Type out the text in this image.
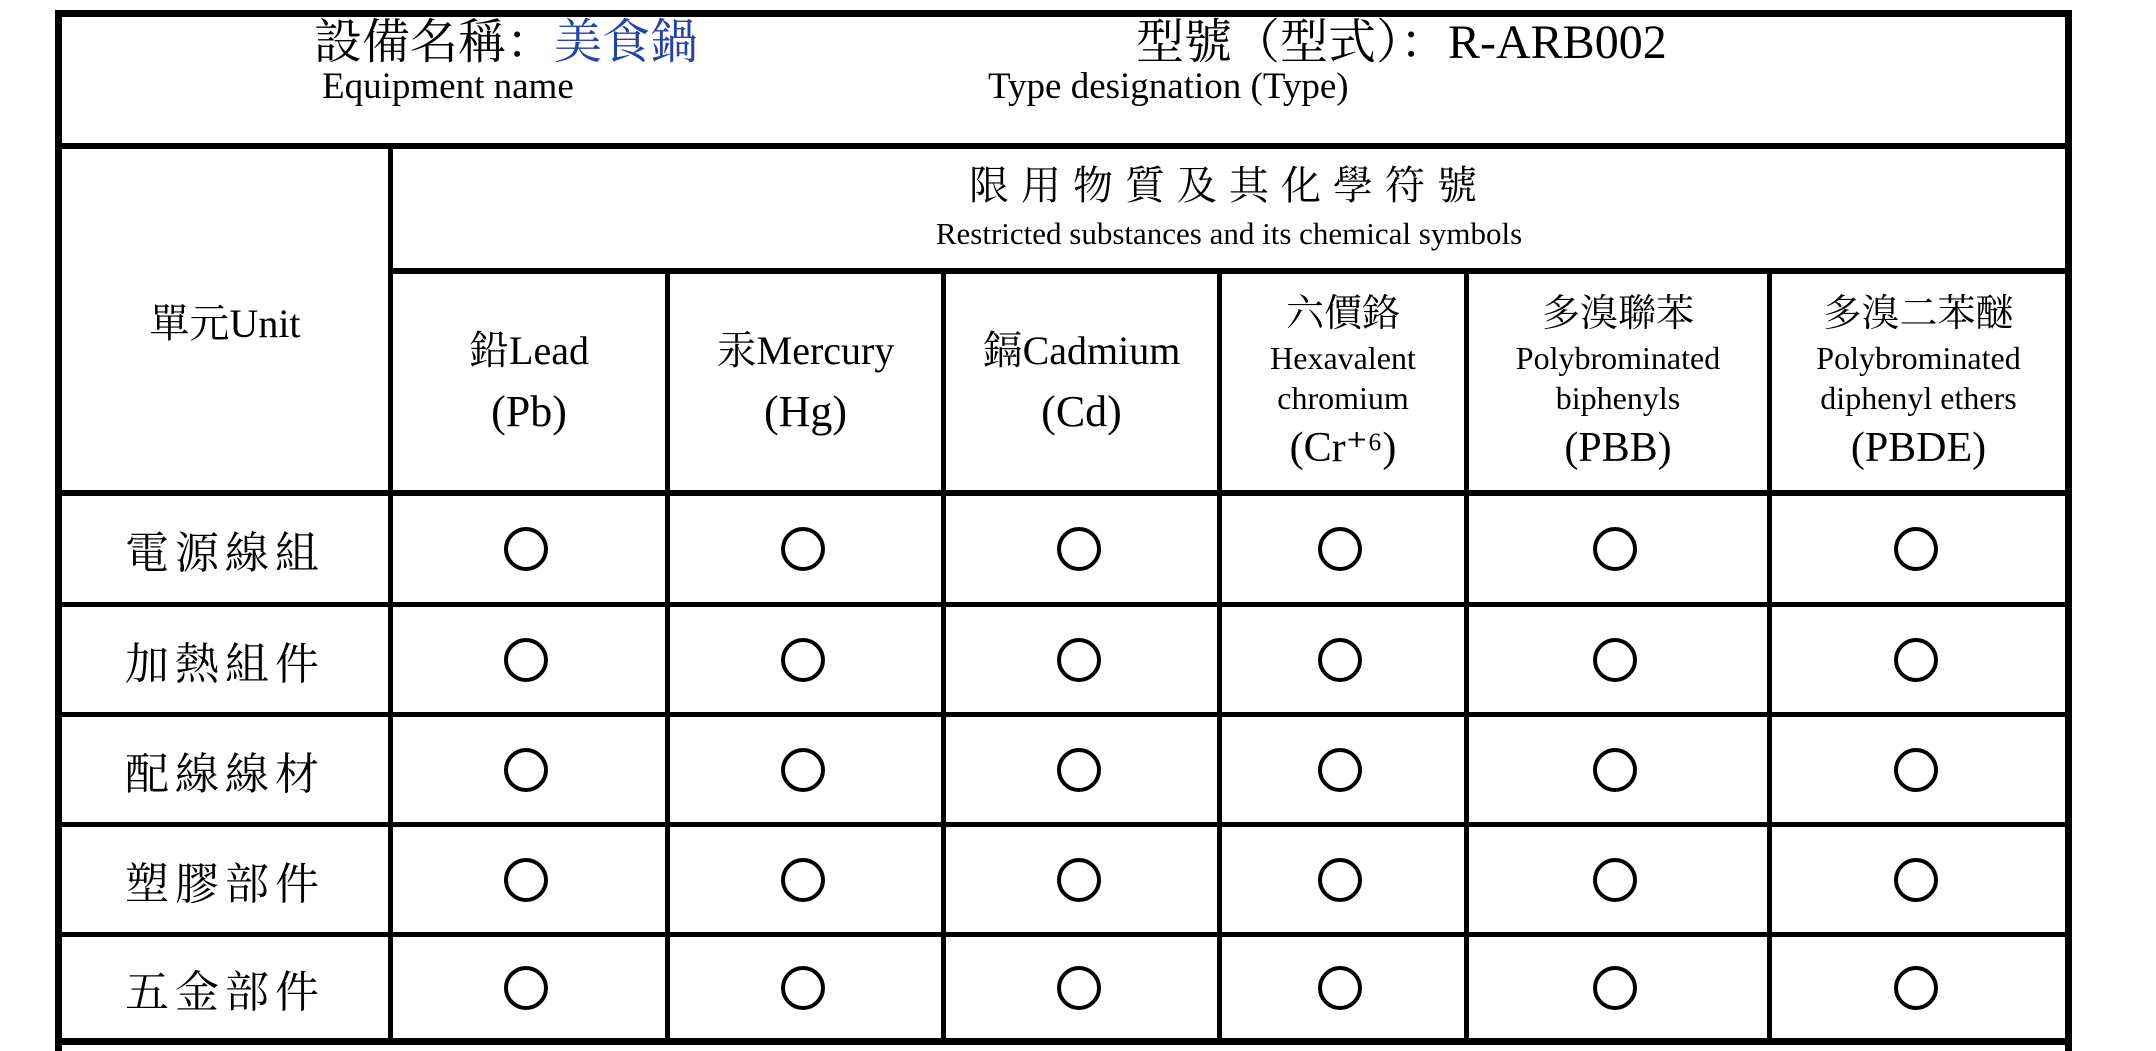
設備名稱：美食鍋
Equipment name
型號（型式）：R-ARB002
Type designation (Type)
限用物質及其化學符號
Restricted substances and its chemical symbols
單元Unit
鉛Lead
(Pb)
汞Mercury
(Hg)
鎘Cadmium
(Cd)
六價鉻
Hexavalent
chromium
(Cr⁺⁶)
多溴聯苯
Polybrominated
biphenyls
(PBB)
多溴二苯醚
Polybrominated
diphenyl ethers
(PBDE)
電源線組
加熱組件
配線線材
塑膠部件
五金部件
